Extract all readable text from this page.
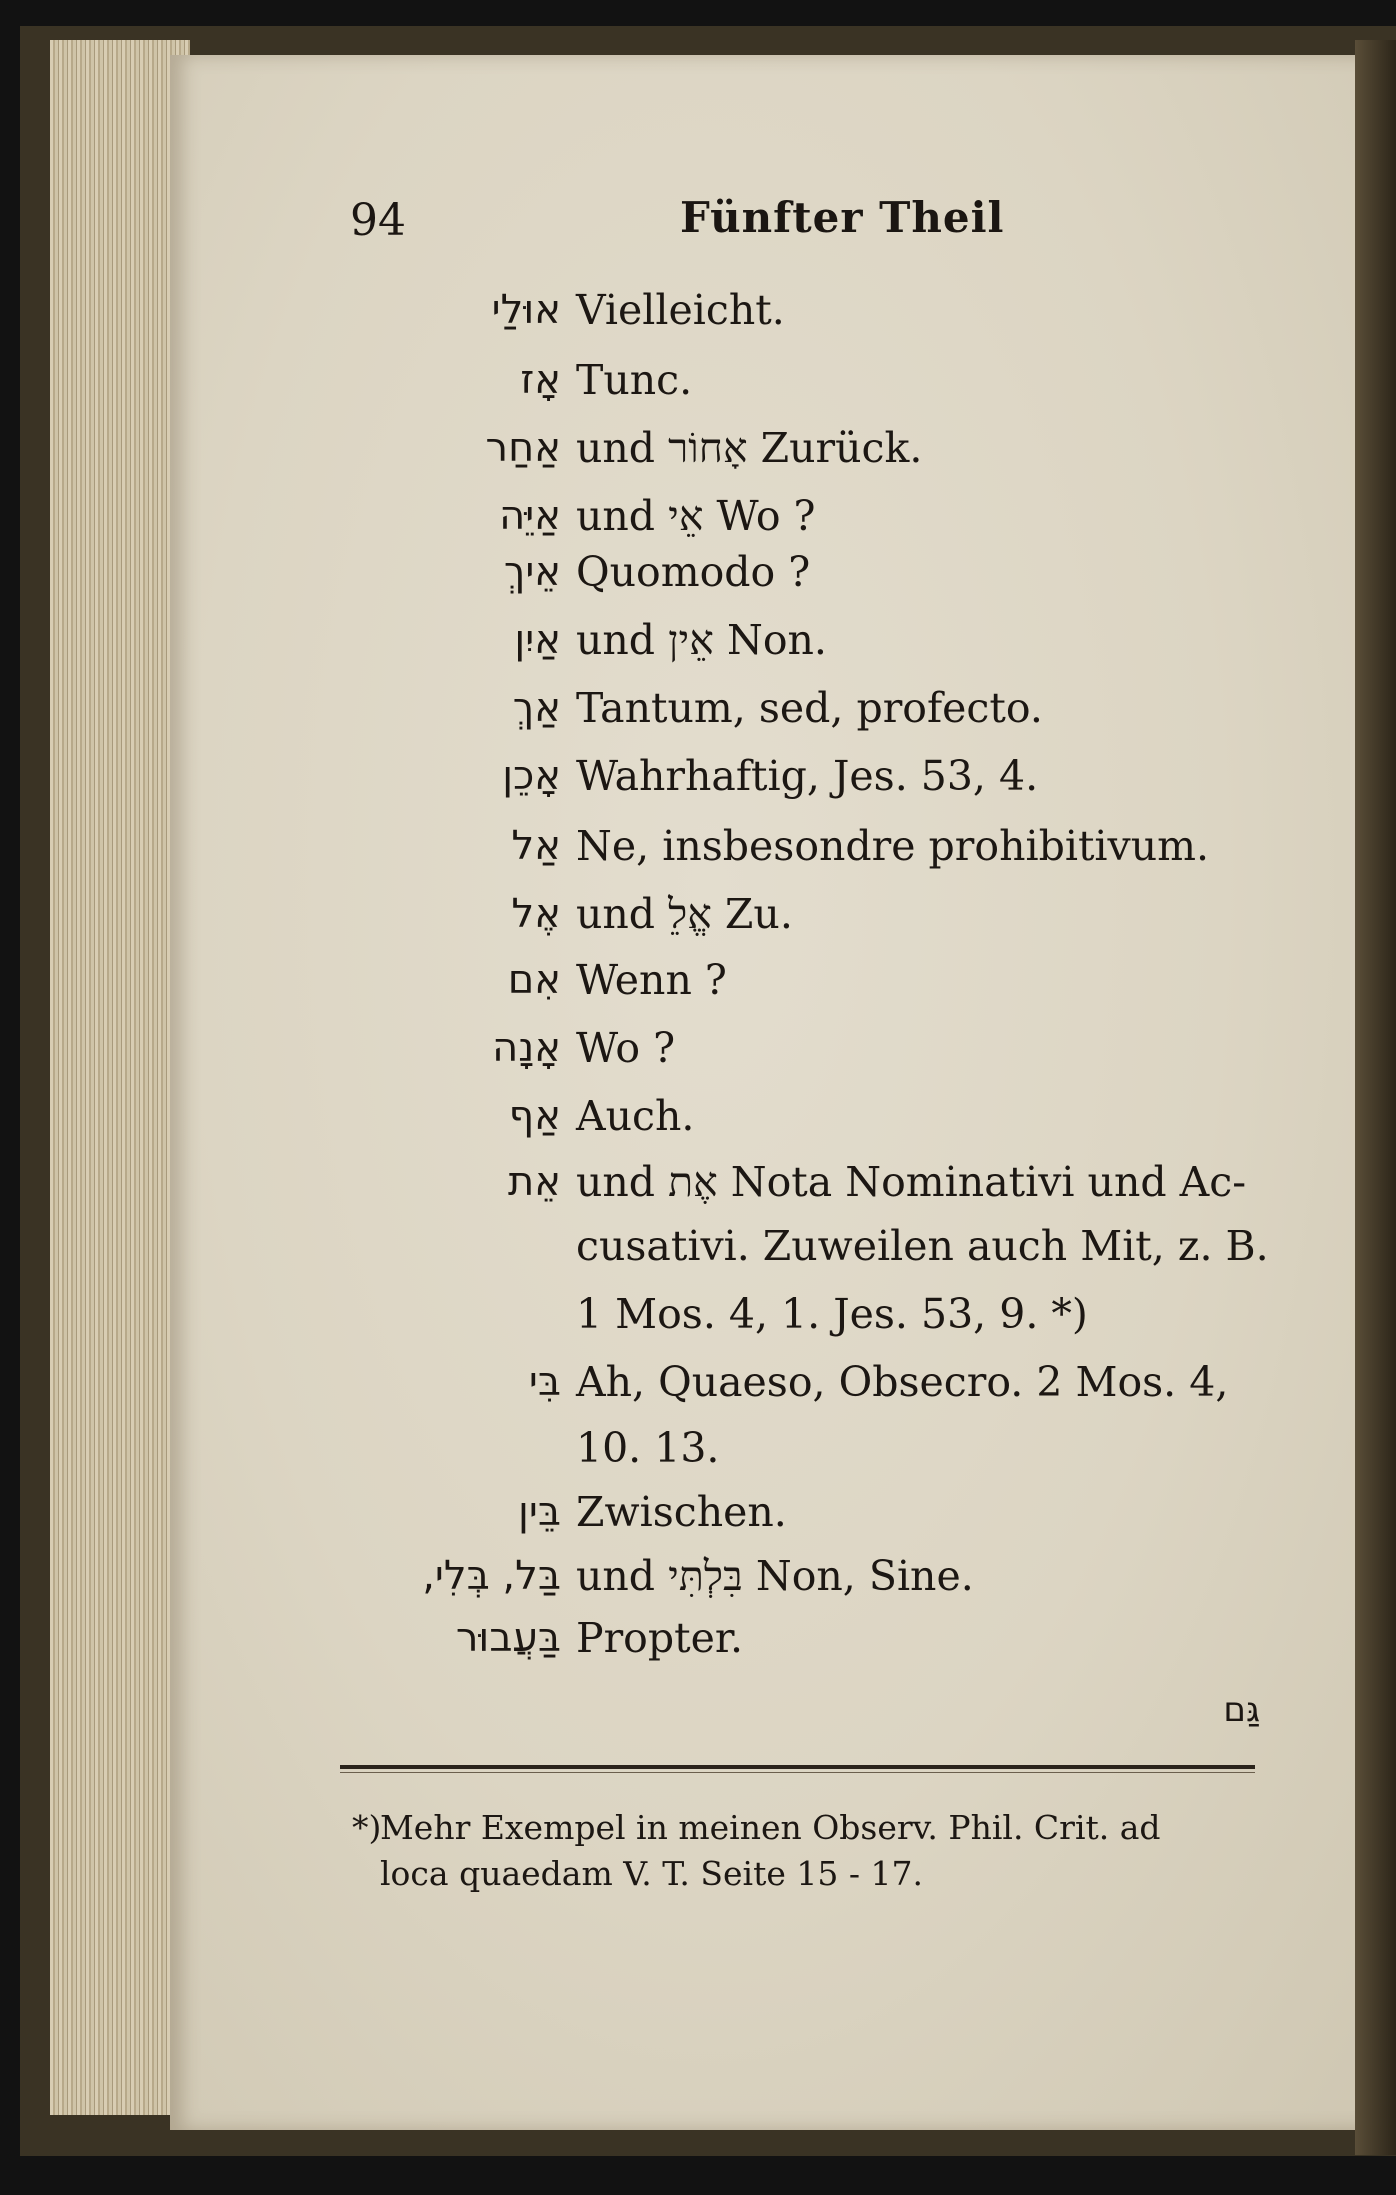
94	Fünfter Theil
אוּלַי Vielleicht.
אָז Tunc.
אַחַר und אָחוֹר Zurück.
אַיֵּה und אֵי Wo ?
אֵיךְ Quomodo ?
אַיִן und אֵין Non.
אַךְ Tantum, sed, profecto.
אָכֵן Wahrhaftig, Jes. 53, 4.
אַל Ne, insbesondre prohibitivum.
אֶל und אֱלֵ Zu.
אִם Wenn ?
אָנָה Wo ?
אַף Auch.
אֵת und אֶת Nota Nominativi und Ac-
cusativi. Zuweilen auch Mit, z. B.
1 Mos. 4, 1. Jes. 53, 9. *)
בִּי Ah, Quaeso, Obsecro. 2 Mos. 4,
10. 13.
בֵּין Zwischen.
בַּל, בְּלִי, und בִּלְתִּי Non, Sine.
בַּעֲבוּר Propter.
גַּם
*)
Mehr Exempel in meinen Observ. Phil. Crit. ad
loca quaedam V. T. Seite 15 - 17.
